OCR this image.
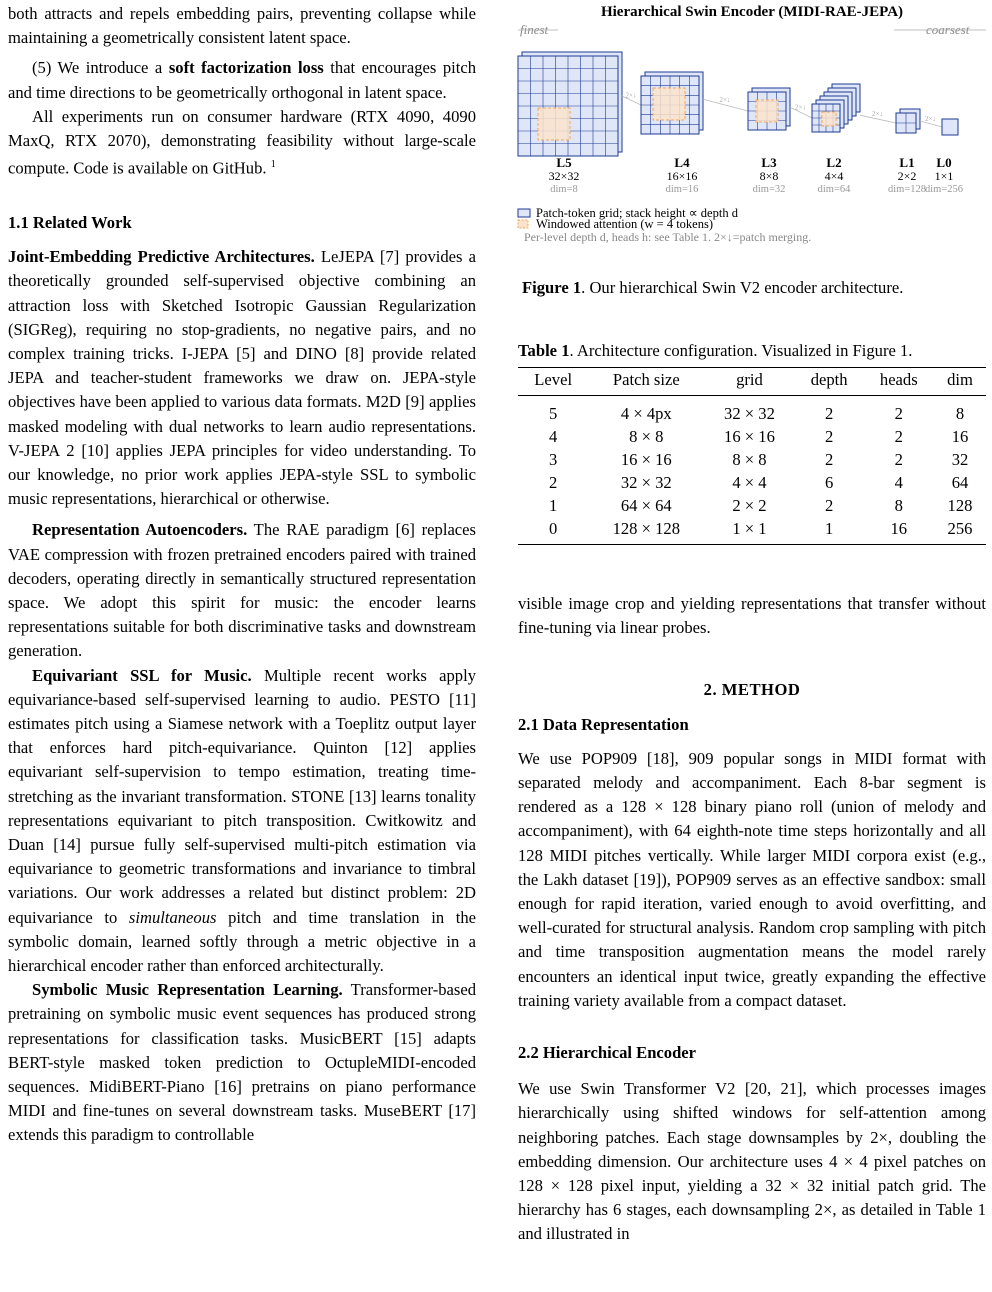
both attracts and repels embedding pairs, preventing collapse while maintaining a geometrically consistent latent space.

(5) We introduce a soft factorization loss that encourages pitch and time directions to be geometrically orthogonal in latent space.

All experiments run on consumer hardware (RTX 4090, 4090 MaxQ, RTX 2070), demonstrating feasibility without large-scale compute. Code is available on GitHub. $^1$

1.1 Related Work

Joint-Embedding Predictive Architectures. LeJEPA [7] provides a theoretically grounded self-supervised objective combining an attraction loss with Sketched Isotropic Gaussian Regularization (SIGReg), requiring no stop-gradients, no negative pairs, and no complex training tricks. I-JEPA [5] and DINO [8] provide related JEPA and teacher-student frameworks we draw on. JEPA-style objectives have been applied to various data formats. M2D [9] applies masked modeling with dual networks to learn audio representations. V-JEPA 2 [10] applies JEPA principles for video understanding. To our knowledge, no prior work applies JEPA-style SSL to symbolic music representations, hierarchical or otherwise.

Representation Autoencoders. The RAE paradigm [6] replaces VAE compression with frozen pretrained encoders paired with trained decoders, operating directly in semantically structured representation space. We adopt this spirit for music: the encoder learns representations suitable for both discriminative tasks and downstream generation.

Equivariant SSL for Music. Multiple recent works apply equivariance-based self-supervised learning to audio. PESTO [11] estimates pitch using a Siamese network with a Toeplitz output layer that enforces hard pitch-equivariance. Quinton [12] applies equivariant self-supervision to tempo estimation, treating time-stretching as the invariant transformation. STONE [13] learns tonality representations equivariant to pitch transposition. Cwitkowitz and Duan [14] pursue fully self-supervised multi-pitch estimation via equivariance to geometric transformations and invariance to timbral variations. Our work addresses a related but distinct problem: 2D equivariance to simultaneous pitch and time translation in the symbolic domain, learned softly through a metric objective in a hierarchical encoder rather than enforced architecturally.

Symbolic Music Representation Learning. Transformer-based pretraining on symbolic music event sequences has produced strong representations for classification tasks. MusicBERT [15] adapts BERT-style masked token prediction to OctupleMIDI-encoded sequences. MidiBERT-Piano [16] pretrains on piano performance MIDI and fine-tunes on several downstream tasks. MuseBERT [17] extends this paradigm to controllable

Hierarchical Swin Encoder (MIDI-RAE-JEPA)
2×↓
2×↓
2×↓
2×↓
2×↓
finest	coarsest
L5
32×32
dim=8
L4
16×16
dim=16
L3
8×8
dim=32
L2
4×4
dim=64
L1
2×2
dim=128
L0
1×1
dim=256
Patch-token grid; stack height ∝ depth d
Windowed attention (w = 4 tokens)
Per-level depth d, heads h: see Table 1. 2×↓=patch merging.

Figure 1. Our hierarchical Swin V2 encoder architecture.

Table 1. Architecture configuration. Visualized in Figure 1.

Level	Patch size	grid	depth	heads	dim
5	4 × 4px	32 × 32	2	2	8
4	8 × 8	16 × 16	2	2	16
3	16 × 16	8 × 8	2	2	32
2	32 × 32	4 × 4	6	4	64
1	64 × 64	2 × 2	2	8	128
0	128 × 128	1 × 1	1	16	256

visible image crop and yielding representations that transfer without fine-tuning via linear probes.

2. METHOD

2.1 Data Representation

We use POP909 [18], 909 popular songs in MIDI format with separated melody and accompaniment. Each 8-bar segment is rendered as a 128 × 128 binary piano roll (union of melody and accompaniment), with 64 eighth-note time steps horizontally and all 128 MIDI pitches vertically. While larger MIDI corpora exist (e.g., the Lakh dataset [19]), POP909 serves as an effective sandbox: small enough for rapid iteration, varied enough to avoid overfitting, and well-curated for structural analysis. Random crop sampling with pitch and time transposition augmentation means the model rarely encounters an identical input twice, greatly expanding the effective training variety available from a compact dataset.

2.2 Hierarchical Encoder

We use Swin Transformer V2 [20, 21], which processes images hierarchically using shifted windows for self-attention among neighboring patches. Each stage downsamples by 2×, doubling the embedding dimension. Our architecture uses 4 × 4 pixel patches on 128 × 128 pixel input, yielding a 32 × 32 initial patch grid. The hierarchy has 6 stages, each downsampling 2×, as detailed in Table 1 and illustrated in
